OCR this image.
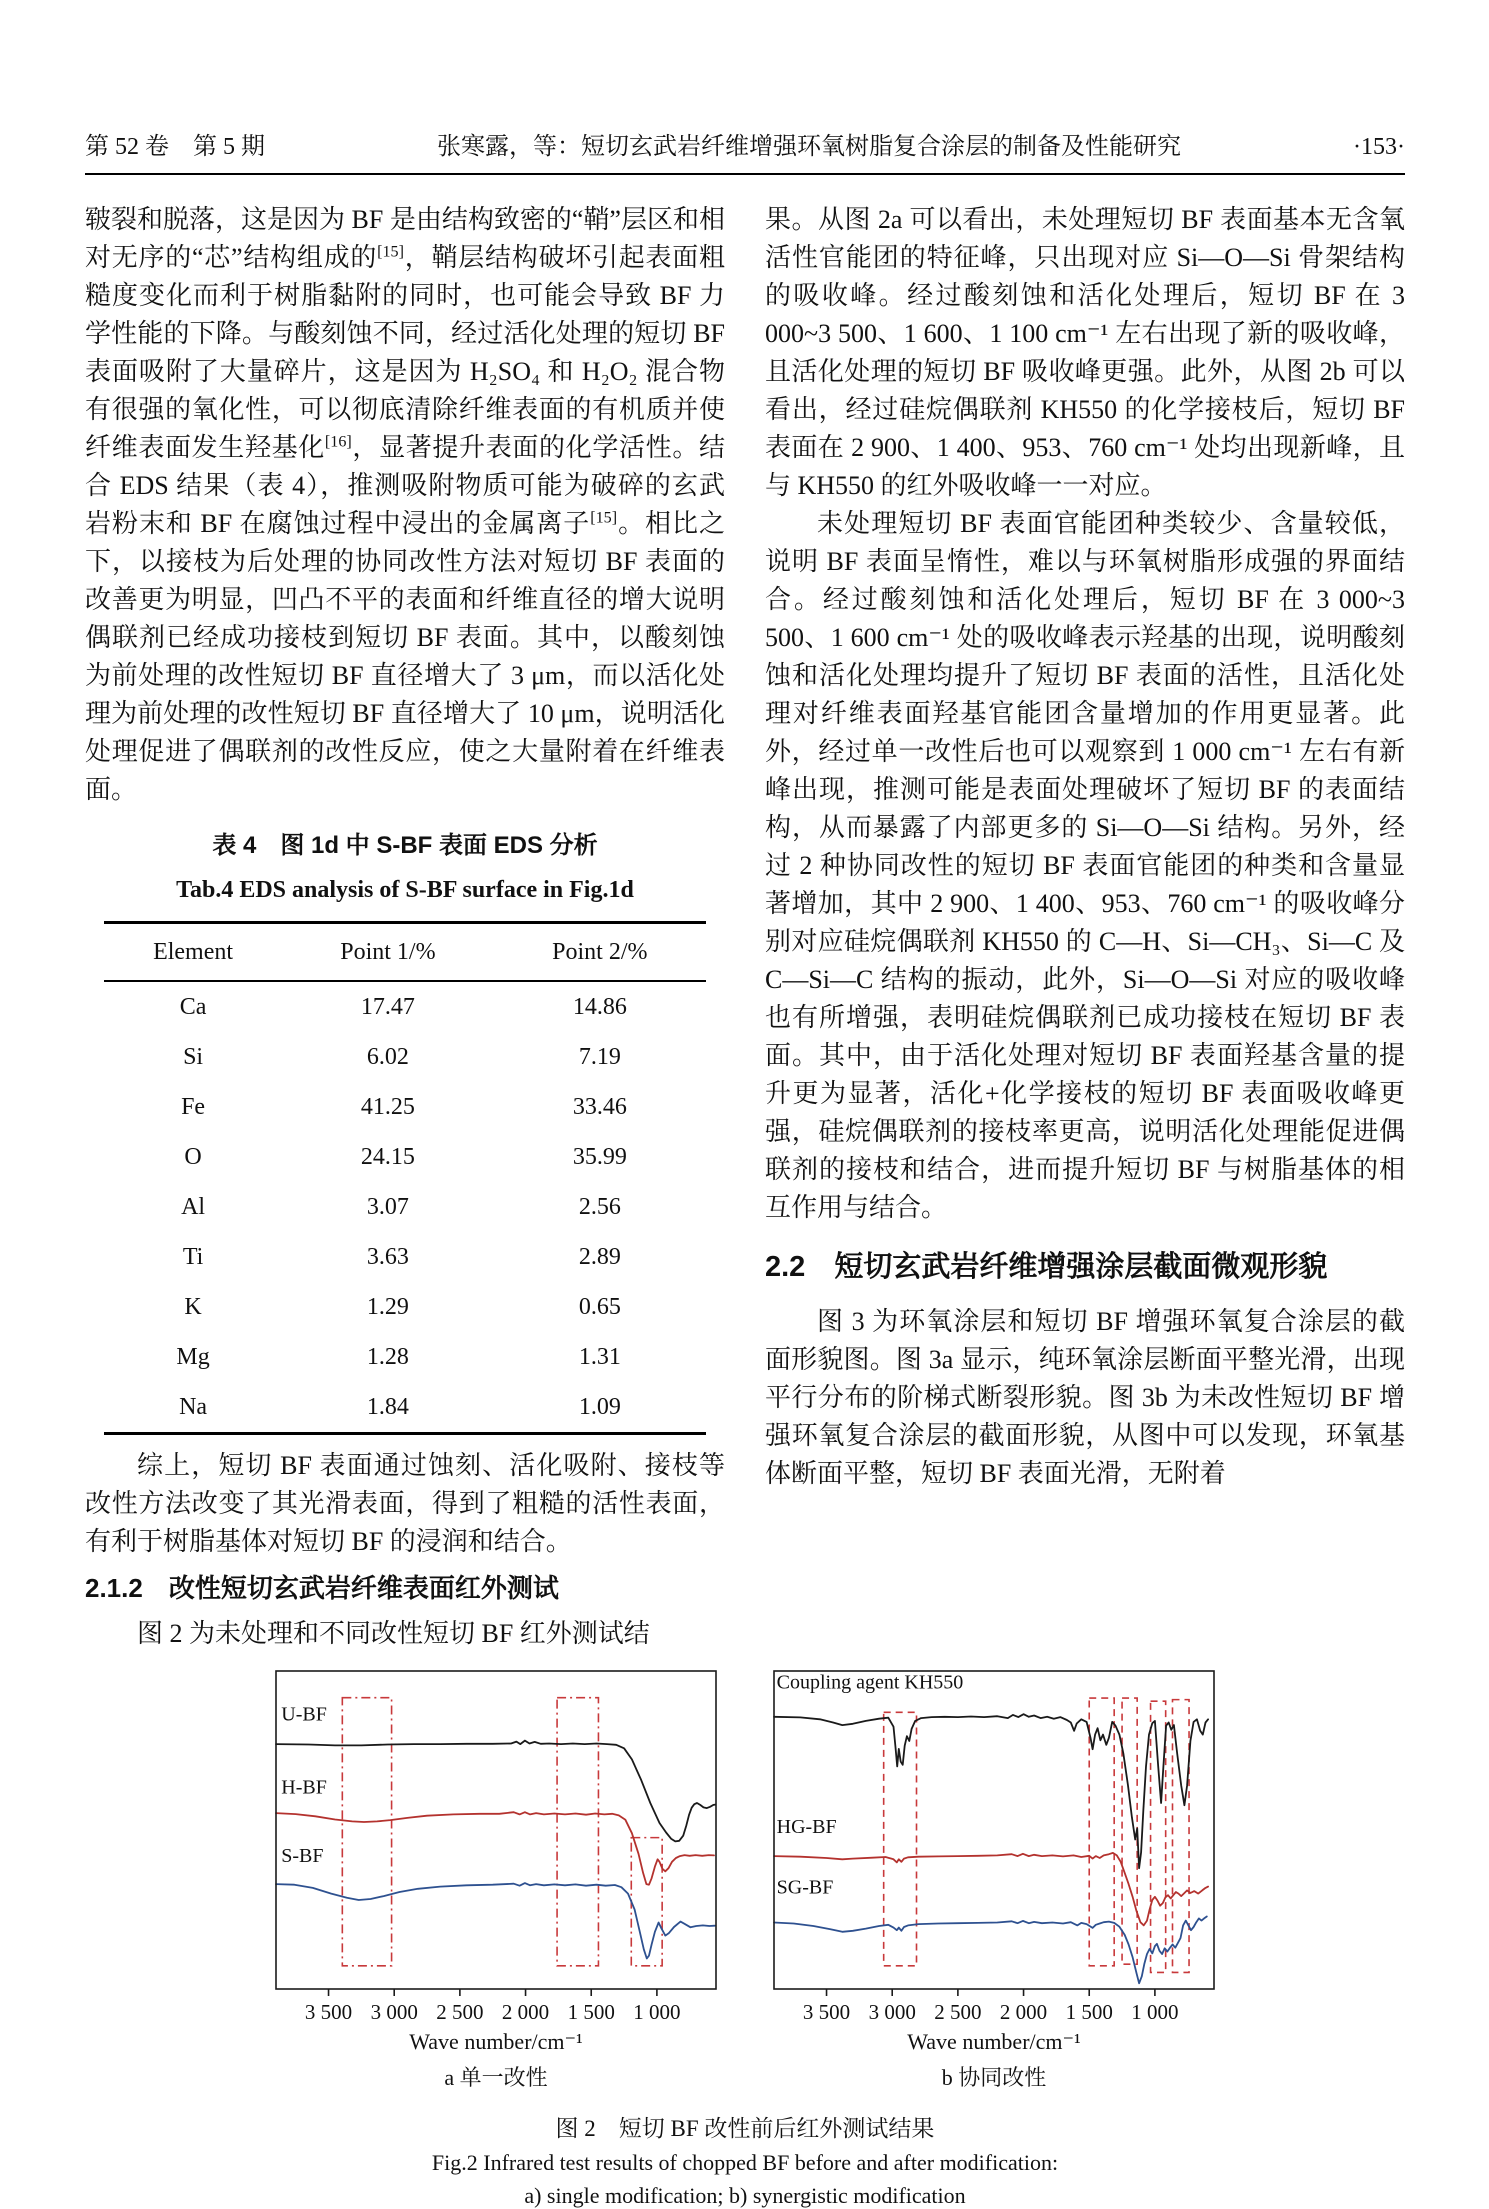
第 52 卷　第 5 期	张寒露，等：短切玄武岩纤维增强环氧树脂复合涂层的制备及性能研究	·153·

皲裂和脱落，这是因为 BF 是由结构致密的“鞘”层区和相对无序的“芯”结构组成的[15]，鞘层结构破坏引起表面粗糙度变化而利于树脂黏附的同时，也可能会导致 BF 力学性能的下降。与酸刻蚀不同，经过活化处理的短切 BF 表面吸附了大量碎片，这是因为 H₂SO₄ 和 H₂O₂ 混合物有很强的氧化性，可以彻底清除纤维表面的有机质并使纤维表面发生羟基化[16]，显著提升表面的化学活性。结合 EDS 结果（表 4），推测吸附物质可能为破碎的玄武岩粉末和 BF 在腐蚀过程中浸出的金属离子[15]。相比之下，以接枝为后处理的协同改性方法对短切 BF 表面的改善更为明显，凹凸不平的表面和纤维直径的增大说明偶联剂已经成功接枝到短切 BF 表面。其中，以酸刻蚀为前处理的改性短切 BF 直径增大了 3 μm，而以活化处理为前处理的改性短切 BF 直径增大了 10 μm，说明活化处理促进了偶联剂的改性反应，使之大量附着在纤维表面。

表 4　图 1d 中 S-BF 表面 EDS 分析
Tab.4 EDS analysis of S-BF surface in Fig.1d
Element	Point 1/%	Point 2/%
Ca	17.47	14.86
Si	6.02	7.19
Fe	41.25	33.46
O	24.15	35.99
Al	3.07	2.56
Ti	3.63	2.89
K	1.29	0.65
Mg	1.28	1.31
Na	1.84	1.09

综上，短切 BF 表面通过蚀刻、活化吸附、接枝等改性方法改变了其光滑表面，得到了粗糙的活性表面，有利于树脂基体对短切 BF 的浸润和结合。

2.1.2　改性短切玄武岩纤维表面红外测试

图 2 为未处理和不同改性短切 BF 红外测试结

果。从图 2a 可以看出，未处理短切 BF 表面基本无含氧活性官能团的特征峰，只出现对应 Si—O—Si 骨架结构的吸收峰。经过酸刻蚀和活化处理后，短切 BF 在 3 000~3 500、1 600、1 100 cm⁻¹ 左右出现了新的吸收峰，且活化处理的短切 BF 吸收峰更强。此外，从图 2b 可以看出，经过硅烷偶联剂 KH550 的化学接枝后，短切 BF 表面在 2 900、1 400、953、760 cm⁻¹ 处均出现新峰，且与 KH550 的红外吸收峰一一对应。

未处理短切 BF 表面官能团种类较少、含量较低，说明 BF 表面呈惰性，难以与环氧树脂形成强的界面结合。经过酸刻蚀和活化处理后，短切 BF 在 3 000~3 500、1 600 cm⁻¹ 处的吸收峰表示羟基的出现，说明酸刻蚀和活化处理均提升了短切 BF 表面的活性，且活化处理对纤维表面羟基官能团含量增加的作用更显著。此外，经过单一改性后也可以观察到 1 000 cm⁻¹ 左右有新峰出现，推测可能是表面处理破坏了短切 BF 的表面结构，从而暴露了内部更多的 Si—O—Si 结构。另外，经过 2 种协同改性的短切 BF 表面官能团的种类和含量显著增加，其中 2 900、1 400、953、760 cm⁻¹ 的吸收峰分别对应硅烷偶联剂 KH550 的 C—H、Si—CH₃、Si—C 及 C—Si—C 结构的振动，此外，Si—O—Si 对应的吸收峰也有所增强，表明硅烷偶联剂已成功接枝在短切 BF 表面。其中，由于活化处理对短切 BF 表面羟基含量的提升更为显著，活化+化学接枝的短切 BF 表面吸收峰更强，硅烷偶联剂的接枝率更高，说明活化处理能促进偶联剂的接枝和结合，进而提升短切 BF 与树脂基体的相互作用与结合。

2.2　短切玄武岩纤维增强涂层截面微观形貌

图 3 为环氧涂层和短切 BF 增强环氧复合涂层的截面形貌图。图 3a 显示，纯环氧涂层断面平整光滑，出现平行分布的阶梯式断裂形貌。图 3b 为未改性短切 BF 增强环氧复合涂层的截面形貌，从图中可以发现，环氧基体断面平整，短切 BF 表面光滑，无附着

U-BF
H-BF
S-BF
3 500 3 000 2 500 2 000 1 500 1 000
Wave number/cm⁻¹
a 单一改性
Coupling agent KH550
HG-BF
SG-BF
3 500 3 000 2 500 2 000 1 500 1 000
Wave number/cm⁻¹
b 协同改性
图 2　短切 BF 改性前后红外测试结果
Fig.2 Infrared test results of chopped BF before and after modification:
a) single modification; b) synergistic modification
